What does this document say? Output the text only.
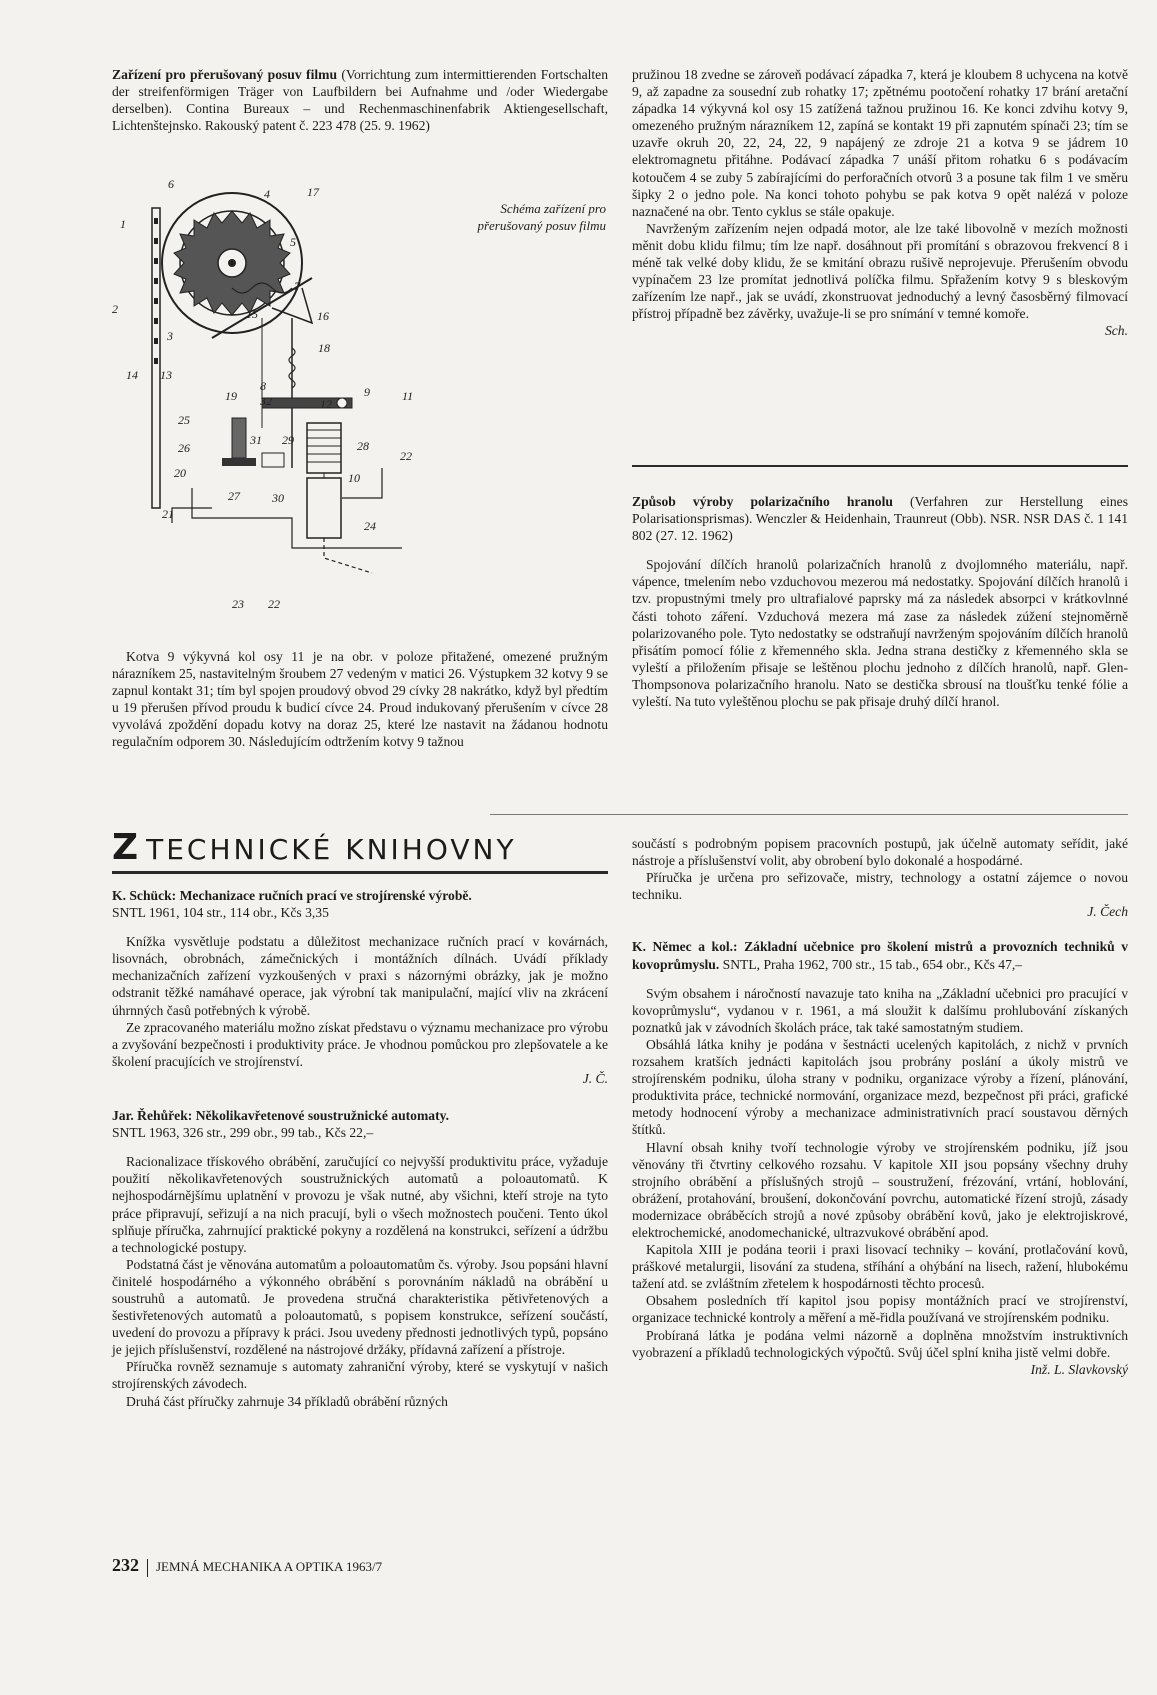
Zařízení pro přerušovaný posuv filmu (Vorrichtung zum intermittierenden Fortschalten der streifenförmigen Träger von Laufbildern bei Aufnahme und /oder Wiedergabe derselben). Contina Bureaux – und Rechenmaschinenfabrik Aktiengesellschaft, Lichtenštejnsko. Rakouský patent č. 223 478 (25. 9. 1962)

6
4	17
1
5
7
2	16
15
3
18
14 13
19
8
32	12
9	11
25
31 29	28
26
22
20	10
27	30
21
24
23 22
Schéma zařízení pro přerušovaný posuv filmu

Kotva 9 výkyvná kol osy 11 je na obr. v poloze přitažené, omezené pružným nárazníkem 25, nastavitelným šroubem 27 vedeným v matici 26. Výstupkem 32 kotvy 9 se zapnul kontakt 31; tím byl spojen proudový obvod 29 cívky 28 nakrátko, když byl předtím u 19 přerušen přívod proudu k budicí cívce 24. Proud indukovaný přerušením v cívce 28 vyvolává zpoždění dopadu kotvy na doraz 25, které lze nastavit na žádanou hodnotu regulačním odporem 30. Následujícím odtržením kotvy 9 tažnou

pružinou 18 zvedne se zároveň podávací západka 7, která je kloubem 8 uchycena na kotvě 9, až zapadne za sousední zub rohatky 17; zpětnému pootočení rohatky 17 brání aretační západka 14 výkyvná kol osy 15 zatížená tažnou pružinou 16. Ke konci zdvihu kotvy 9, omezeného pružným nárazníkem 12, zapíná se kontakt 19 při zapnutém spínači 23; tím se uzavře okruh 20, 22, 24, 22, 9 napájený ze zdroje 21 a kotva 9 se jádrem 10 elektromagnetu přitáhne. Podávací západka 7 unáší přitom rohatku 6 s podávacím kotoučem 4 se zuby 5 zabírajícími do perforačních otvorů 3 a posune tak film 1 ve směru šipky 2 o jedno pole. Na konci tohoto pohybu se pak kotva 9 opět nalézá v poloze naznačené na obr. Tento cyklus se stále opakuje.

Navrženým zařízením nejen odpadá motor, ale lze také libovolně v mezích možnosti měnit dobu klidu filmu; tím lze např. dosáhnout při promítání s obrazovou frekvencí 8 i méně tak velké doby klidu, že se kmitání obrazu rušivě neprojevuje. Přerušením obvodu vypínačem 23 lze promítat jednotlivá políčka filmu. Spřažením kotvy 9 s bleskovým zařízením lze např., jak se uvádí, zkonstruovat jednoduchý a levný časosběrný filmovací přístroj případně bez závěrky, uvažuje-li se pro snímání v temné komoře.

Sch.

Způsob výroby polarizačního hranolu (Verfahren zur Herstellung eines Polarisationsprismas). Wenczler & Heidenhain, Traunreut (Obb). NSR. NSR DAS č. 1 141 802 (27. 12. 1962)

Spojování dílčích hranolů polarizačních hranolů z dvojlomného materiálu, např. vápence, tmelením nebo vzduchovou mezerou má nedostatky. Spojování dílčích hranolů i tzv. propustnými tmely pro ultrafialové paprsky má za následek absorpci v krátkovlnné části tohoto záření. Vzduchová mezera má zase za následek zúžení stejnoměrně polarizovaného pole. Tyto nedostatky se odstraňují navrženým spojováním dílčích hranolů přisátím pomocí fólie z křemenného skla. Jedna strana destičky z křemenného skla se vyleští a přiložením přisaje se leštěnou plochu jednoho z dílčích hranolů, např. Glen-Thompsonova polarizačního hranolu. Nato se destička sbrousí na tloušťku tenké fólie a vyleští. Na tuto vyleštěnou plochu se pak přisaje druhý dílčí hranol.

Z TECHNICKÉ KNIHOVNY

K. Schück: Mechanizace ručních prací ve strojírenské výrobě.
SNTL 1961, 104 str., 114 obr., Kčs 3,35

Knížka vysvětluje podstatu a důležitost mechanizace ručních prací v kovárnách, lisovnách, obrobnách, zámečnických i montážních dílnách. Uvádí příklady mechanizačních zařízení vyzkoušených v praxi s názornými obrázky, jak je možno odstranit těžké namáhavé operace, jak výrobní tak manipulační, mající vliv na zkrácení úhrnných časů potřebných k výrobě.

Ze zpracovaného materiálu možno získat představu o významu mechanizace pro výrobu a zvyšování bezpečnosti i produktivity práce. Je vhodnou pomůckou pro zlepšovatele a ke školení pracujících ve strojírenství.

J. Č.

Jar. Řehůřek: Několikavřetenové soustružnické automaty.
SNTL 1963, 326 str., 299 obr., 99 tab., Kčs 22,–

Racionalizace třískového obrábění, zaručující co nejvyšší produktivitu práce, vyžaduje použití několikavřetenových soustružnických automatů a poloautomatů. K nejhospodárnějšímu uplatnění v provozu je však nutné, aby všichni, kteří stroje na tyto práce připravují, seřizují a na nich pracují, byli o všech možnostech poučeni. Tento úkol splňuje příručka, zahrnující praktické pokyny a rozdělená na konstrukci, seřízení a údržbu a technologické postupy.

Podstatná část je věnována automatům a poloautomatům čs. výroby. Jsou popsáni hlavní činitelé hospodárného a výkonného obrábění s porovnáním nákladů na obrábění u soustruhů a automatů. Je provedena stručná charakteristika pětivřetenových a šestivřetenových automatů a poloautomatů, s popisem konstrukce, seřízení součástí, uvedení do provozu a přípravy k práci. Jsou uvedeny přednosti jednotlivých typů, popsáno je jejich příslušenství, rozdělené na nástrojové držáky, přídavná zařízení a přístroje.

Příručka rovněž seznamuje s automaty zahraniční výroby, které se vyskytují v našich strojírenských závodech.

Druhá část příručky zahrnuje 34 příkladů obrábění různých

součástí s podrobným popisem pracovních postupů, jak účelně automaty seřídit, jaké nástroje a příslušenství volit, aby obrobení bylo dokonalé a hospodárné.

Příručka je určena pro seřizovače, mistry, technology a ostatní zájemce o novou techniku.

J. Čech

K. Němec a kol.: Základní učebnice pro školení mistrů a provozních techniků v kovoprůmyslu. SNTL, Praha 1962, 700 str., 15 tab., 654 obr., Kčs 47,–

Svým obsahem i náročností navazuje tato kniha na „Základní učebnici pro pracující v kovoprůmyslu“, vydanou v r. 1961, a má sloužit k dalšímu prohlubování získaných poznatků jak v závodních školách práce, tak také samostatným studiem.

Obsáhlá látka knihy je podána v šestnácti ucelených kapitolách, z nichž v prvních rozsahem kratších jednácti kapitolách jsou probrány poslání a úkoly mistrů ve strojírenském podniku, úloha strany v podniku, organizace výroby a řízení, plánování, produktivita práce, technické normování, organizace mezd, bezpečnost při práci, grafické metody hodnocení výroby a mechanizace administrativních prací soustavou děrných štítků.

Hlavní obsah knihy tvoří technologie výroby ve strojírenském podniku, jíž jsou věnovány tři čtvrtiny celkového rozsahu. V kapitole XII jsou popsány všechny druhy strojního obrábění a příslušných strojů – soustružení, frézování, vrtání, hoblování, obrážení, protahování, broušení, dokončování povrchu, automatické řízení strojů, zásady modernizace obráběcích strojů a nové způsoby obrábění kovů, jako je elektrojiskrové, elektrochemické, anodomechanické, ultrazvukové obrábění apod.

Kapitola XIII je podána teorii i praxi lisovací techniky – kování, protlačování kovů, práškové metalurgii, lisování za studena, stříhání a ohýbání na lisech, ražení, hlubokému tažení atd. se zvláštním zřetelem k hospodárnosti těchto procesů.

Obsahem posledních tří kapitol jsou popisy montážních prací ve strojírenství, organizace technické kontroly a měření a mě-řidla používaná ve strojírenském podniku.

Probíraná látka je podána velmi názorně a doplněna množstvím instruktivních vyobrazení a příkladů technologických výpočtů. Svůj účel splní kniha jistě velmi dobře.

Inž. L. Slavkovský

232 JEMNÁ MECHANIKA A OPTIKA 1963/7
